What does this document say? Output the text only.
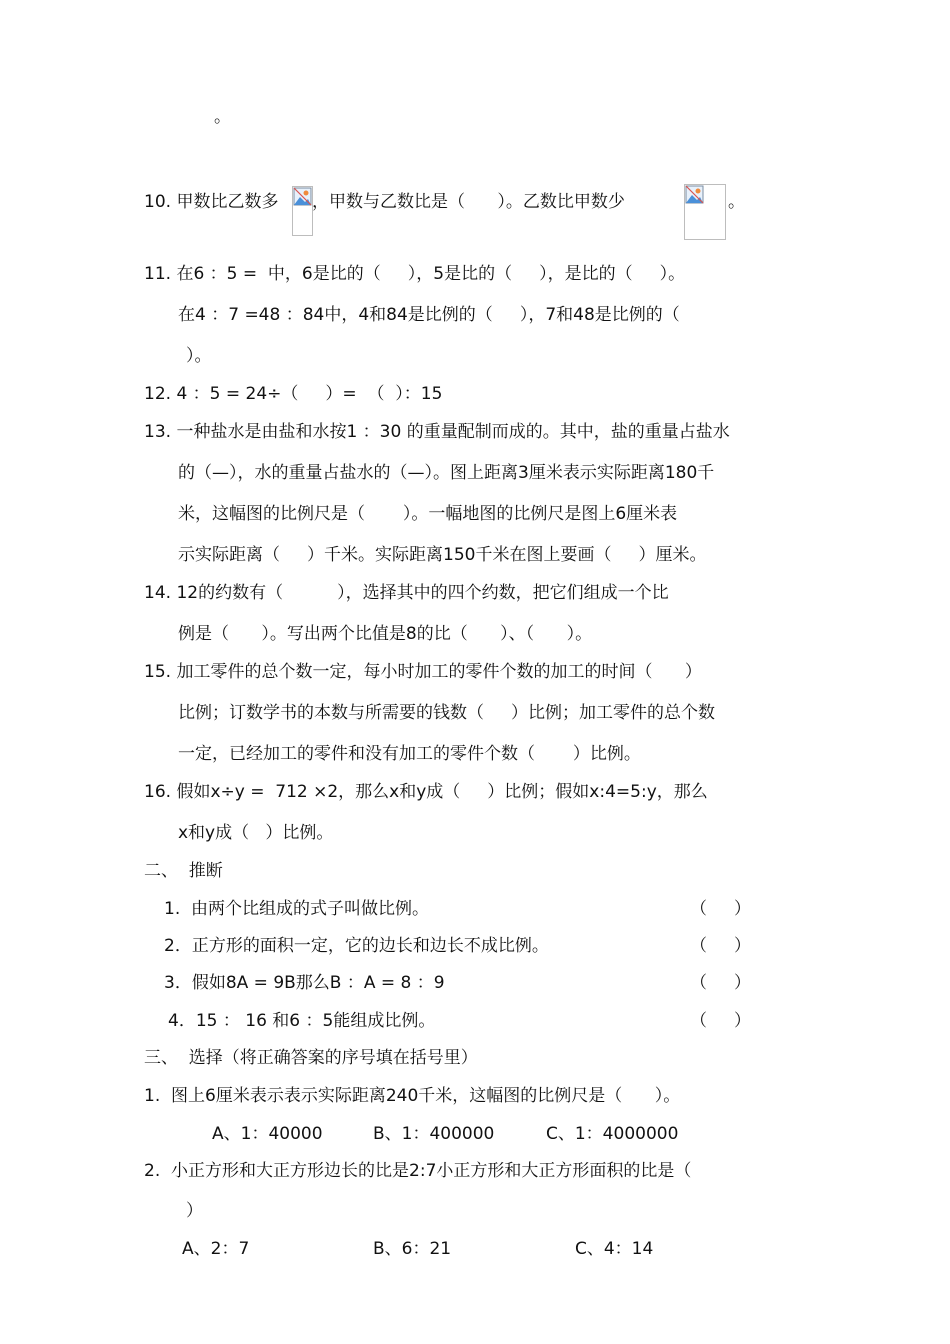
。
10. 甲数比乙数多 ，甲数与乙数比是（      ）。乙数比甲数少	。
11. 在6 ：5 =  中，6是比的（     ），5是比的（     ），是比的（     ）。
在4 ：7 =48 ：84中，4和84是比例的（     ），7和48是比例的（
）。
12. 4 ：5 = 24÷（     ）=  （  ）：15
13. 一种盐水是由盐和水按1 ：30 的重量配制而成的。其中，盐的重量占盐水
的（—），水的重量占盐水的（—）。图上距离3厘米表示实际距离180千
米，这幅图的比例尺是（       ）。一幅地图的比例尺是图上6厘米表
示实际距离（     ）千米。实际距离150千米在图上要画（     ）厘米。
14. 12的约数有（          ），选择其中的四个约数，把它们组成一个比
例是（      ）。写出两个比值是8的比（      ）、（      ）。
15. 加工零件的总个数一定，每小时加工的零件个数的加工的时间（      ）
比例；订数学书的本数与所需要的钱数（     ）比例；加工零件的总个数
一定，已经加工的零件和没有加工的零件个数（       ）比例。
16. 假如x÷y =  712 ×2，那么x和y成（     ）比例；假如x:4=5:y，那么
x和y成（   ）比例。
二、  推断
1.  由两个比组成的式子叫做比例。	（     ）
2．正方形的面积一定，它的边长和边长不成比例。	（     ）
3．假如8A = 9B那么B ：A = 8 ：9	（     ）
4．15 ： 16 和6 ：5能组成比例。	（     ）
三、  选择（将正确答案的序号填在括号里）
1.  图上6厘米表示表示实际距离240千米，这幅图的比例尺是（      ）。
A、1：40000	B、1：400000	C、1：4000000
2.  小正方形和大正方形边长的比是2:7小正方形和大正方形面积的比是（
）
A、2：7	B、6：21	C、4：14
